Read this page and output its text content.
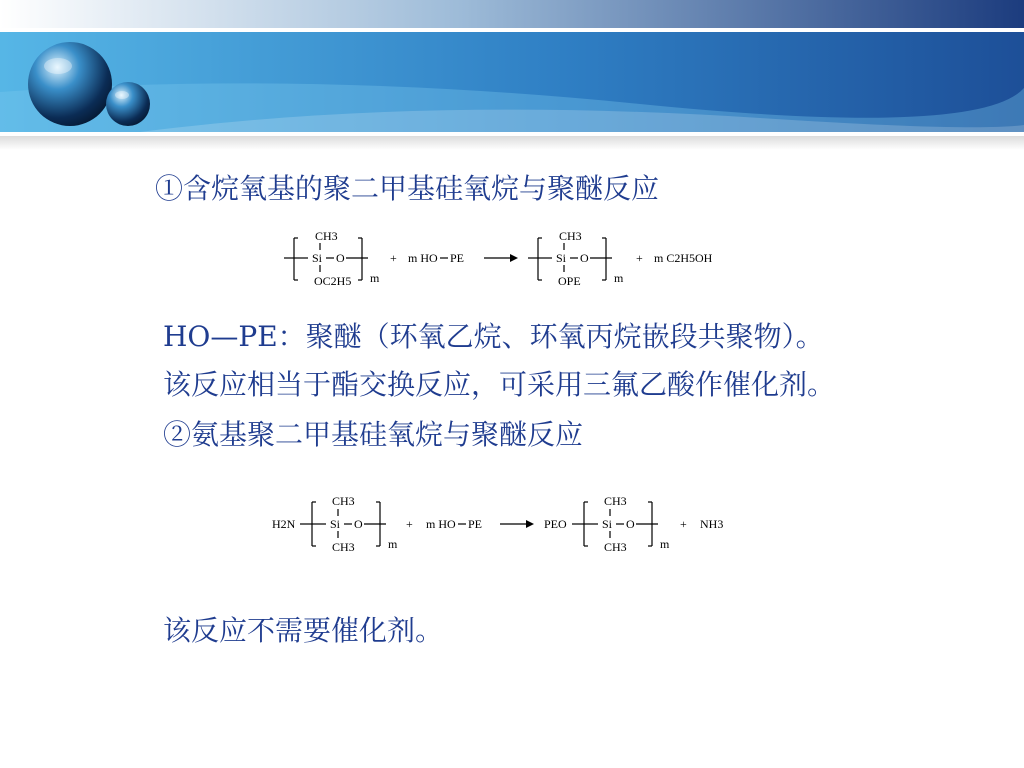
①含烷氧基的聚二甲基硅氧烷与聚醚反应

CH3
Si O
OC2H5 m
+ m HO PE
CH3
Si O
OPE	m
+ m C2H5OH

HO—PE：聚醚（环氧乙烷、环氧丙烷嵌段共聚物）。

该反应相当于酯交换反应，可采用三氟乙酸作催化剂。

②氨基聚二甲基硅氧烷与聚醚反应

H2N
CH3
Si O
CH3	m
+ m HO PE	PEO
CH3
Si O
CH3	m
+ NH3

该反应不需要催化剂。
